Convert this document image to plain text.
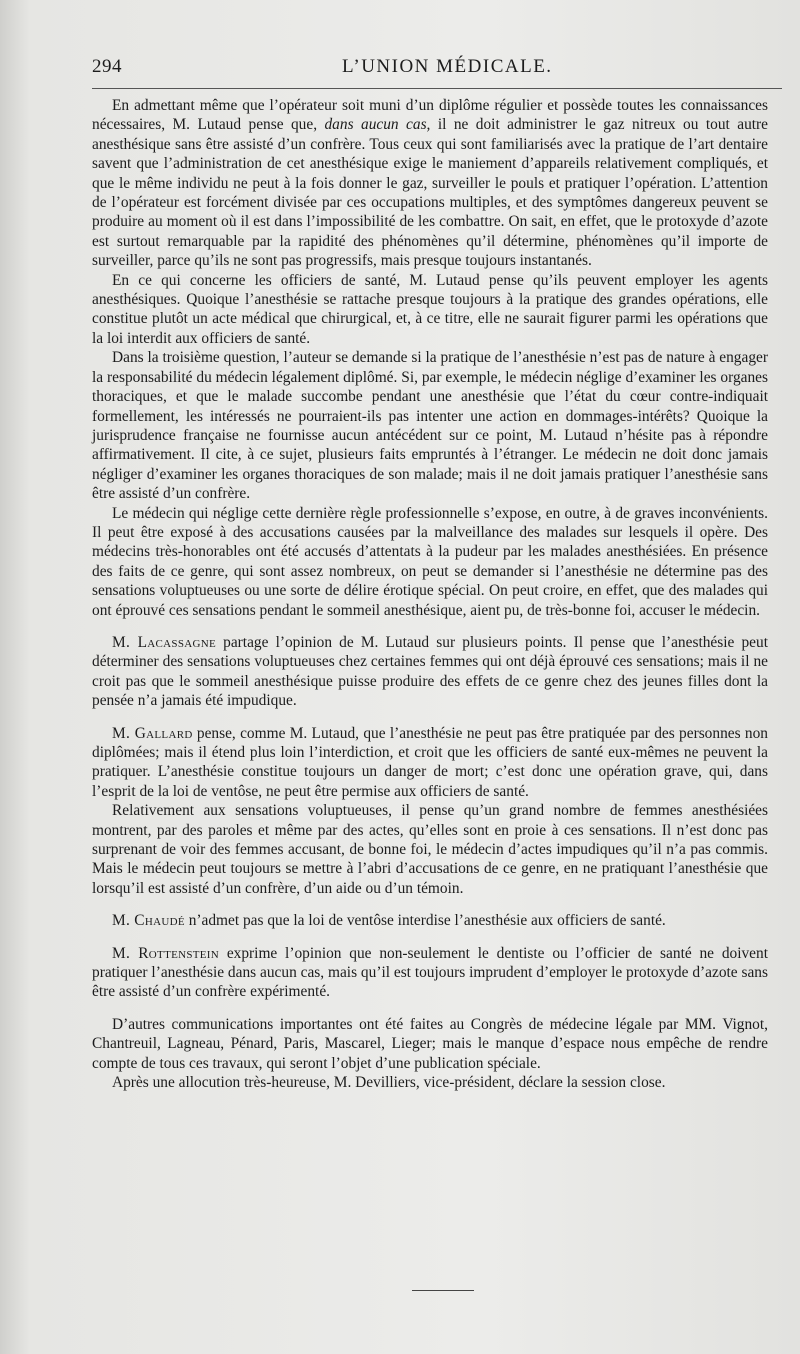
294	L’UNION MÉDICALE.

En admettant même que l’opérateur soit muni d’un diplôme régulier et possède toutes les connaissances nécessaires, M. Lutaud pense que, dans aucun cas, il ne doit administrer le gaz nitreux ou tout autre anesthésique sans être assisté d’un confrère. Tous ceux qui sont familiarisés avec la pratique de l’art dentaire savent que l’administration de cet anesthésique exige le maniement d’appareils relativement compliqués, et que le même individu ne peut à la fois donner le gaz, surveiller le pouls et pratiquer l’opération. L’attention de l’opérateur est forcément divisée par ces occupations multiples, et des symptômes dangereux peuvent se produire au moment où il est dans l’impossibilité de les combattre. On sait, en effet, que le protoxyde d’azote est surtout remarquable par la rapidité des phénomènes qu’il détermine, phénomènes qu’il importe de surveiller, parce qu’ils ne sont pas progressifs, mais presque toujours instantanés.

En ce qui concerne les officiers de santé, M. Lutaud pense qu’ils peuvent employer les agents anesthésiques. Quoique l’anesthésie se rattache presque toujours à la pratique des grandes opérations, elle constitue plutôt un acte médical que chirurgical, et, à ce titre, elle ne saurait figurer parmi les opérations que la loi interdit aux officiers de santé.

Dans la troisième question, l’auteur se demande si la pratique de l’anesthésie n’est pas de nature à engager la responsabilité du médecin légalement diplômé. Si, par exemple, le médecin néglige d’examiner les organes thoraciques, et que le malade succombe pendant une anesthésie que l’état du cœur contre-indiquait formellement, les intéressés ne pourraient-ils pas intenter une action en dommages-intérêts? Quoique la jurisprudence française ne fournisse aucun antécédent sur ce point, M. Lutaud n’hésite pas à répondre affirmativement. Il cite, à ce sujet, plusieurs faits empruntés à l’étranger. Le médecin ne doit donc jamais négliger d’examiner les organes thoraciques de son malade; mais il ne doit jamais pratiquer l’anesthésie sans être assisté d’un confrère.

Le médecin qui néglige cette dernière règle professionnelle s’expose, en outre, à de graves inconvénients. Il peut être exposé à des accusations causées par la malveillance des malades sur lesquels il opère. Des médecins très-honorables ont été accusés d’attentats à la pudeur par les malades anesthésiées. En présence des faits de ce genre, qui sont assez nombreux, on peut se demander si l’anesthésie ne détermine pas des sensations voluptueuses ou une sorte de délire érotique spécial. On peut croire, en effet, que des malades qui ont éprouvé ces sensations pendant le sommeil anesthésique, aient pu, de très-bonne foi, accuser le médecin.

M. Lacassagne partage l’opinion de M. Lutaud sur plusieurs points. Il pense que l’anesthésie peut déterminer des sensations voluptueuses chez certaines femmes qui ont déjà éprouvé ces sensations; mais il ne croit pas que le sommeil anesthésique puisse produire des effets de ce genre chez des jeunes filles dont la pensée n’a jamais été impudique.

M. Gallard pense, comme M. Lutaud, que l’anesthésie ne peut pas être pratiquée par des personnes non diplômées; mais il étend plus loin l’interdiction, et croit que les officiers de santé eux-mêmes ne peuvent la pratiquer. L’anesthésie constitue toujours un danger de mort; c’est donc une opération grave, qui, dans l’esprit de la loi de ventôse, ne peut être permise aux officiers de santé.

Relativement aux sensations voluptueuses, il pense qu’un grand nombre de femmes anesthésiées montrent, par des paroles et même par des actes, qu’elles sont en proie à ces sensations. Il n’est donc pas surprenant de voir des femmes accusant, de bonne foi, le médecin d’actes impudiques qu’il n’a pas commis. Mais le médecin peut toujours se mettre à l’abri d’accusations de ce genre, en ne pratiquant l’anesthésie que lorsqu’il est assisté d’un confrère, d’un aide ou d’un témoin.

M. Chaudé n’admet pas que la loi de ventôse interdise l’anesthésie aux officiers de santé.

M. Rottenstein exprime l’opinion que non-seulement le dentiste ou l’officier de santé ne doivent pratiquer l’anesthésie dans aucun cas, mais qu’il est toujours imprudent d’employer le protoxyde d’azote sans être assisté d’un confrère expérimenté.

D’autres communications importantes ont été faites au Congrès de médecine légale par MM. Vignot, Chantreuil, Lagneau, Pénard, Paris, Mascarel, Lieger; mais le manque d’espace nous empêche de rendre compte de tous ces travaux, qui seront l’objet d’une publication spéciale.

Après une allocution très-heureuse, M. Devilliers, vice-président, déclare la session close.
